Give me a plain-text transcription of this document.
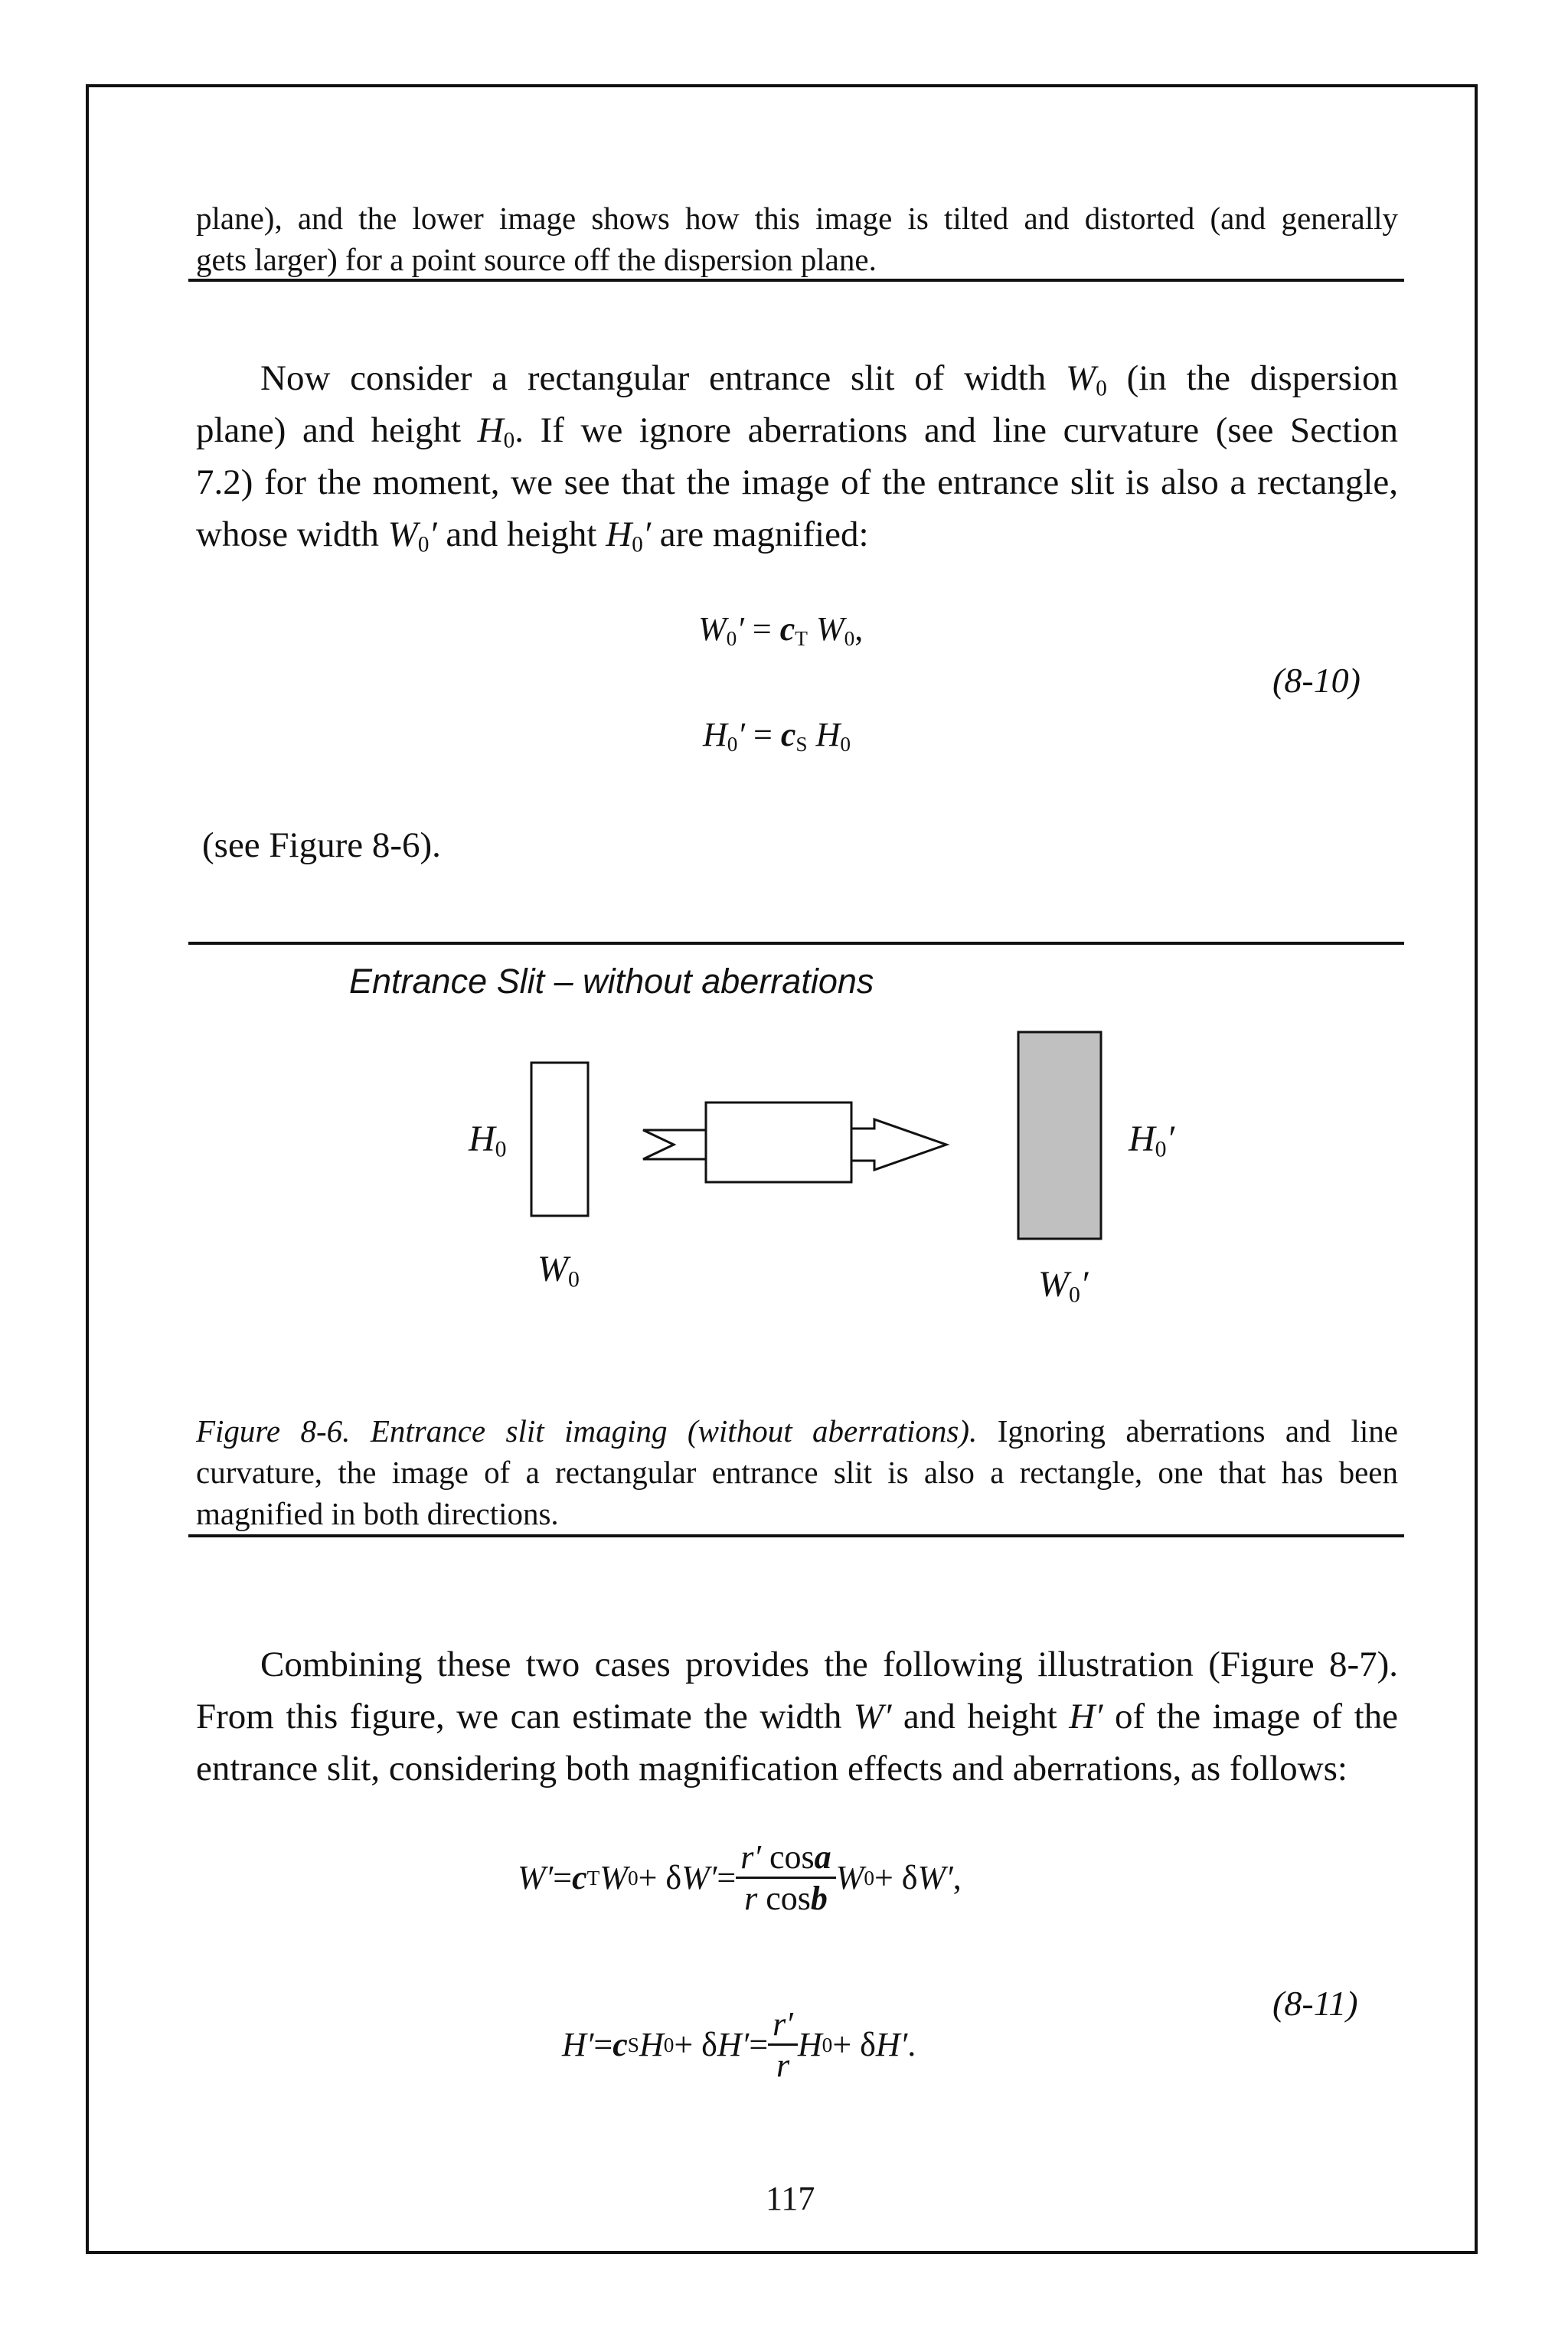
plane), and the lower image shows how this image is tilted and distorted (and generally
gets larger) for a point source off the dispersion plane.
Now consider a rectangular entrance slit of width $W_0$ (in the dispersion
plane) and height $H_0$. If we ignore aberrations and line curvature (see Section
7.2) for the moment, we see that the image of the entrance slit is also a rectangle,
whose width $W_0'$ and height $H_0'$ are magnified:
$W_0' = c_T$ $W_0$,
(8-10)
$H_0' = c_S$ $H_0$
(see Figure 8-6).
Entrance Slit – without aberrations
$H_0$
$W_0$
$H_0'$
$W_0'$
Figure 8-6. Entrance slit imaging (without aberrations). Ignoring aberrations and line
curvature, the image of a rectangular entrance slit is also a rectangle, one that has been
magnified in both directions.
Combining these two cases provides the following illustration (Figure 8-7).
From this figure, we can estimate the width W′ and height H′ of the image of the
entrance slit, considering both magnification effects and aberrations, as follows:
W′ = c T W 0 + δ $W' = \frac{r' \cos a}{\text{r cosb}}$ W 0 + δ W′ ,
(8-11)
H′ = c S H 0 + δ $H' = \frac{r'}{r}$ H 0 + δ H′ .
117
